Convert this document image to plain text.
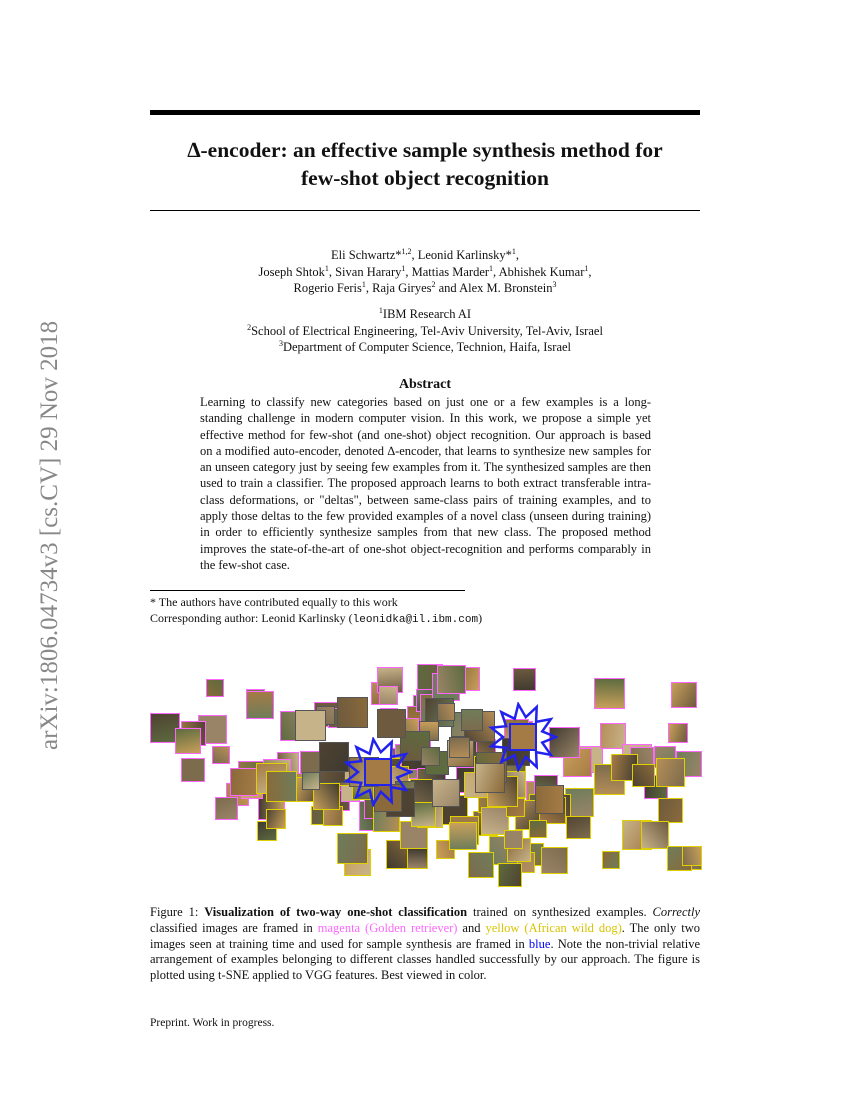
arXiv:1806.04734v3 [cs.CV] 29 Nov 2018
∆-encoder: an effective sample synthesis method for
few-shot object recognition
Eli Schwartz*$^{1,2}$, Leonid Karlinsky*$^1$,
Joseph Shtok$^1$, Sivan Harary$^1$, Mattias Marder$^1$, Abhishek Kumar$^1$,
Rogerio Feris$^1$, Raja Giryes$^2$ and Alex M. Bronstein$^3$
$^1$IBM Research AI
$^2$School of Electrical Engineering, Tel-Aviv University, Tel-Aviv, Israel
$^3$Department of Computer Science, Technion, Haifa, Israel
Abstract
Learning to classify new categories based on just one or a few examples is a long-standing challenge in modern computer vision. In this work, we propose a simple yet effective method for few-shot (and one-shot) object recognition. Our approach is based on a modified auto-encoder, denoted ∆-encoder, that learns to synthesize new samples for an unseen category just by seeing few examples from it. The synthesized samples are then used to train a classifier. The proposed approach learns to both extract transferable intra-class deformations, or "deltas", between same-class pairs of training examples, and to apply those deltas to the few provided examples of a novel class (unseen during training) in order to efficiently synthesize samples from that new class. The proposed method improves the state-of-the-art of one-shot object-recognition and performs comparably in the few-shot case.
* The authors have contributed equally to this work
Corresponding author: Leonid Karlinsky (leonidka@il.ibm.com)
Figure 1: Visualization of two-way one-shot classification trained on synthesized examples. Correctly classified images are framed in magenta (Golden retriever) and yellow (African wild dog). The only two images seen at training time and used for sample synthesis are framed in blue. Note the non-trivial relative arrangement of examples belonging to different classes handled successfully by our approach. The figure is plotted using t-SNE applied to VGG features. Best viewed in color.
Preprint. Work in progress.
